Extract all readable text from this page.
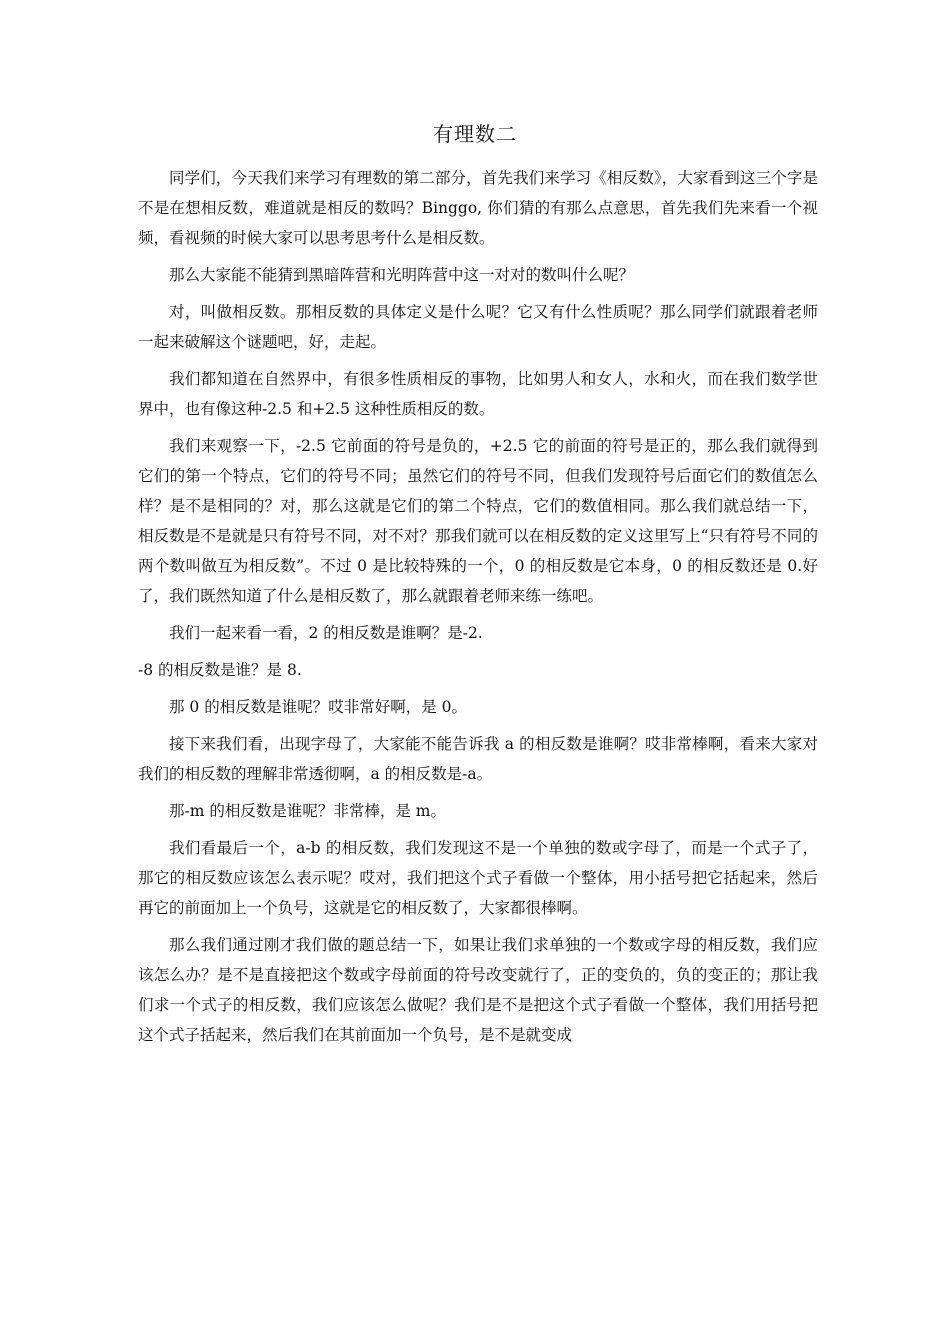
有理数二

同学们，今天我们来学习有理数的第二部分，首先我们来学习《相反数》，大家看到这三个字是不是在想相反数，难道就是相反的数吗？Binggo, 你们猜的有那么点意思，首先我们先来看一个视频，看视频的时候大家可以思考思考什么是相反数。

那么大家能不能猜到黑暗阵营和光明阵营中这一对对的数叫什么呢？

对，叫做相反数。那相反数的具体定义是什么呢？它又有什么性质呢？那么同学们就跟着老师一起来破解这个谜题吧，好，走起。

我们都知道在自然界中，有很多性质相反的事物，比如男人和女人，水和火，而在我们数学世界中，也有像这种-2.5 和+2.5 这种性质相反的数。

我们来观察一下，-2.5 它前面的符号是负的，+2.5 它的前面的符号是正的，那么我们就得到它们的第一个特点，它们的符号不同；虽然它们的符号不同，但我们发现符号后面它们的数值怎么样？是不是相同的？对，那么这就是它们的第二个特点，它们的数值相同。那么我们就总结一下，相反数是不是就是只有符号不同，对不对？那我们就可以在相反数的定义这里写上“只有符号不同的两个数叫做互为相反数”。不过 0 是比较特殊的一个，0 的相反数是它本身，0 的相反数还是 0.好了，我们既然知道了什么是相反数了，那么就跟着老师来练一练吧。

我们一起来看一看，2 的相反数是谁啊？是-2.

-8 的相反数是谁？是 8.

那 0 的相反数是谁呢？哎非常好啊，是 0。

接下来我们看，出现字母了，大家能不能告诉我 a 的相反数是谁啊？哎非常棒啊，看来大家对我们的相反数的理解非常透彻啊，a 的相反数是-a。

那-m 的相反数是谁呢？非常棒，是 m。

我们看最后一个，a-b 的相反数，我们发现这不是一个单独的数或字母了，而是一个式子了，那它的相反数应该怎么表示呢？哎对，我们把这个式子看做一个整体，用小括号把它括起来，然后再它的前面加上一个负号，这就是它的相反数了，大家都很棒啊。

那么我们通过刚才我们做的题总结一下，如果让我们求单独的一个数或字母的相反数，我们应该怎么办？是不是直接把这个数或字母前面的符号改变就行了，正的变负的，负的变正的；那让我们求一个式子的相反数，我们应该怎么做呢？我们是不是把这个式子看做一个整体，我们用括号把这个式子括起来，然后我们在其前面加一个负号，是不是就变成
